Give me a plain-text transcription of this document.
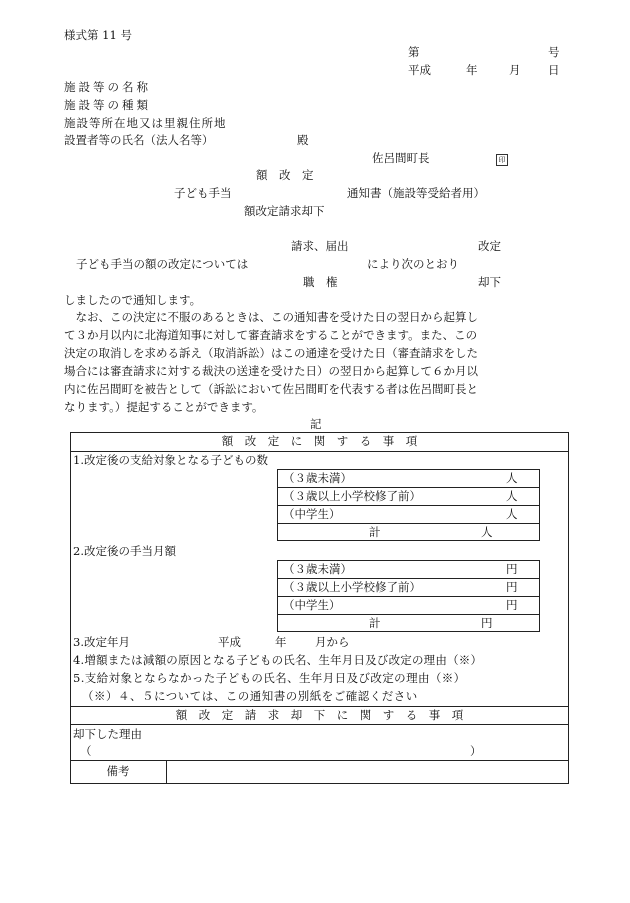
様式第 11 号
第	号
平成	年	月 日
施設等の名称
施設等の種類
施設等所在地又は里親住所地
設置者等の氏名（法人名等）	殿
佐呂間町長	印
額　改　定
子ども手当	通知書（施設等受給者用）
額改定請求却下
請求、届出	改定
子ども手当の額の改定については	により次のとおり
職　権	却下
しましたので通知します。
　なお、この決定に不服のあるときは、この通知書を受けた日の翌日から起算し
て３か月以内に北海道知事に対して審査請求をすることができます。また、この
決定の取消しを求める訴え（取消訴訟）はこの通達を受けた日（審査請求をした
場合には審査請求に対する裁決の送達を受けた日）の翌日から起算して６か月以
内に佐呂間町を被告として（訴訟において佐呂間町を代表する者は佐呂間町長と
なります。）提起することができます。
記
額　改　定　に　関　す　る　事　項
1.改定後の支給対象となる子どもの数
（３歳未満）	人
（３歳以上小学校修了前）	人
（中学生）	人
計	人
2.改定後の手当月額
（３歳未満）	円
（３歳以上小学校修了前）	円
（中学生）	円
計	円
3.改定年月	平成	年 月から
4.増額または減額の原因となる子どもの氏名、生年月日及び改定の理由（※）
5.支給対象とならなかった子どもの氏名、生年月日及び改定の理由（※）
（※）４、５については、この通知書の別紙をご確認ください
額　改　定　請　求　却　下　に　関　す　る　事　項
却下した理由
（	）
備考
